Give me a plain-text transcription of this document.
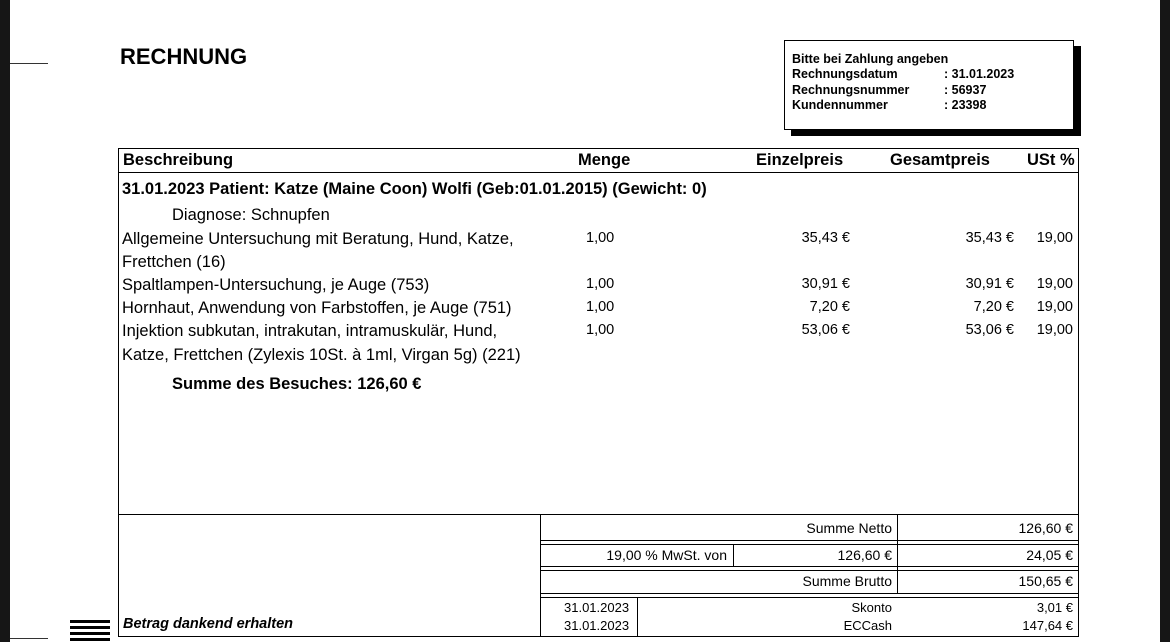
RECHNUNG	Bitte bei Zahlung angeben
Rechnungsdatum	: 31.01.2023
Rechnungsnummer	: 56937
Kundennummer	: 23398
Beschreibung	Menge	Einzelpreis	Gesamtpreis USt %
31.01.2023 Patient: Katze (Maine Coon) Wolfi (Geb:01.01.2015) (Gewicht: 0)
Diagnose: Schnupfen
Allgemeine Untersuchung mit Beratung, Hund, Katze,
Frettchen (16)
1,00	35,43 €	35,43 €	19,00
Spaltlampen-Untersuchung, je Auge (753)	1,00	30,91 €	30,91 €	19,00
Hornhaut, Anwendung von Farbstoffen, je Auge (751)	1,00	7,20 €	7,20 €	19,00
Injektion subkutan, intrakutan, intramuskulär, Hund,
Katze, Frettchen (Zylexis 10St. à 1ml, Virgan 5g) (221)
1,00	53,06 €	53,06 €	19,00
Summe des Besuches: 126,60 €
Summe Netto	126,60 €
19,00 % MwSt. von	126,60 €	24,05 €
Summe Brutto	150,65 €
31.01.2023	Skonto	3,01 €
31.01.2023	ECCash	147,64 €
Betrag dankend erhalten
